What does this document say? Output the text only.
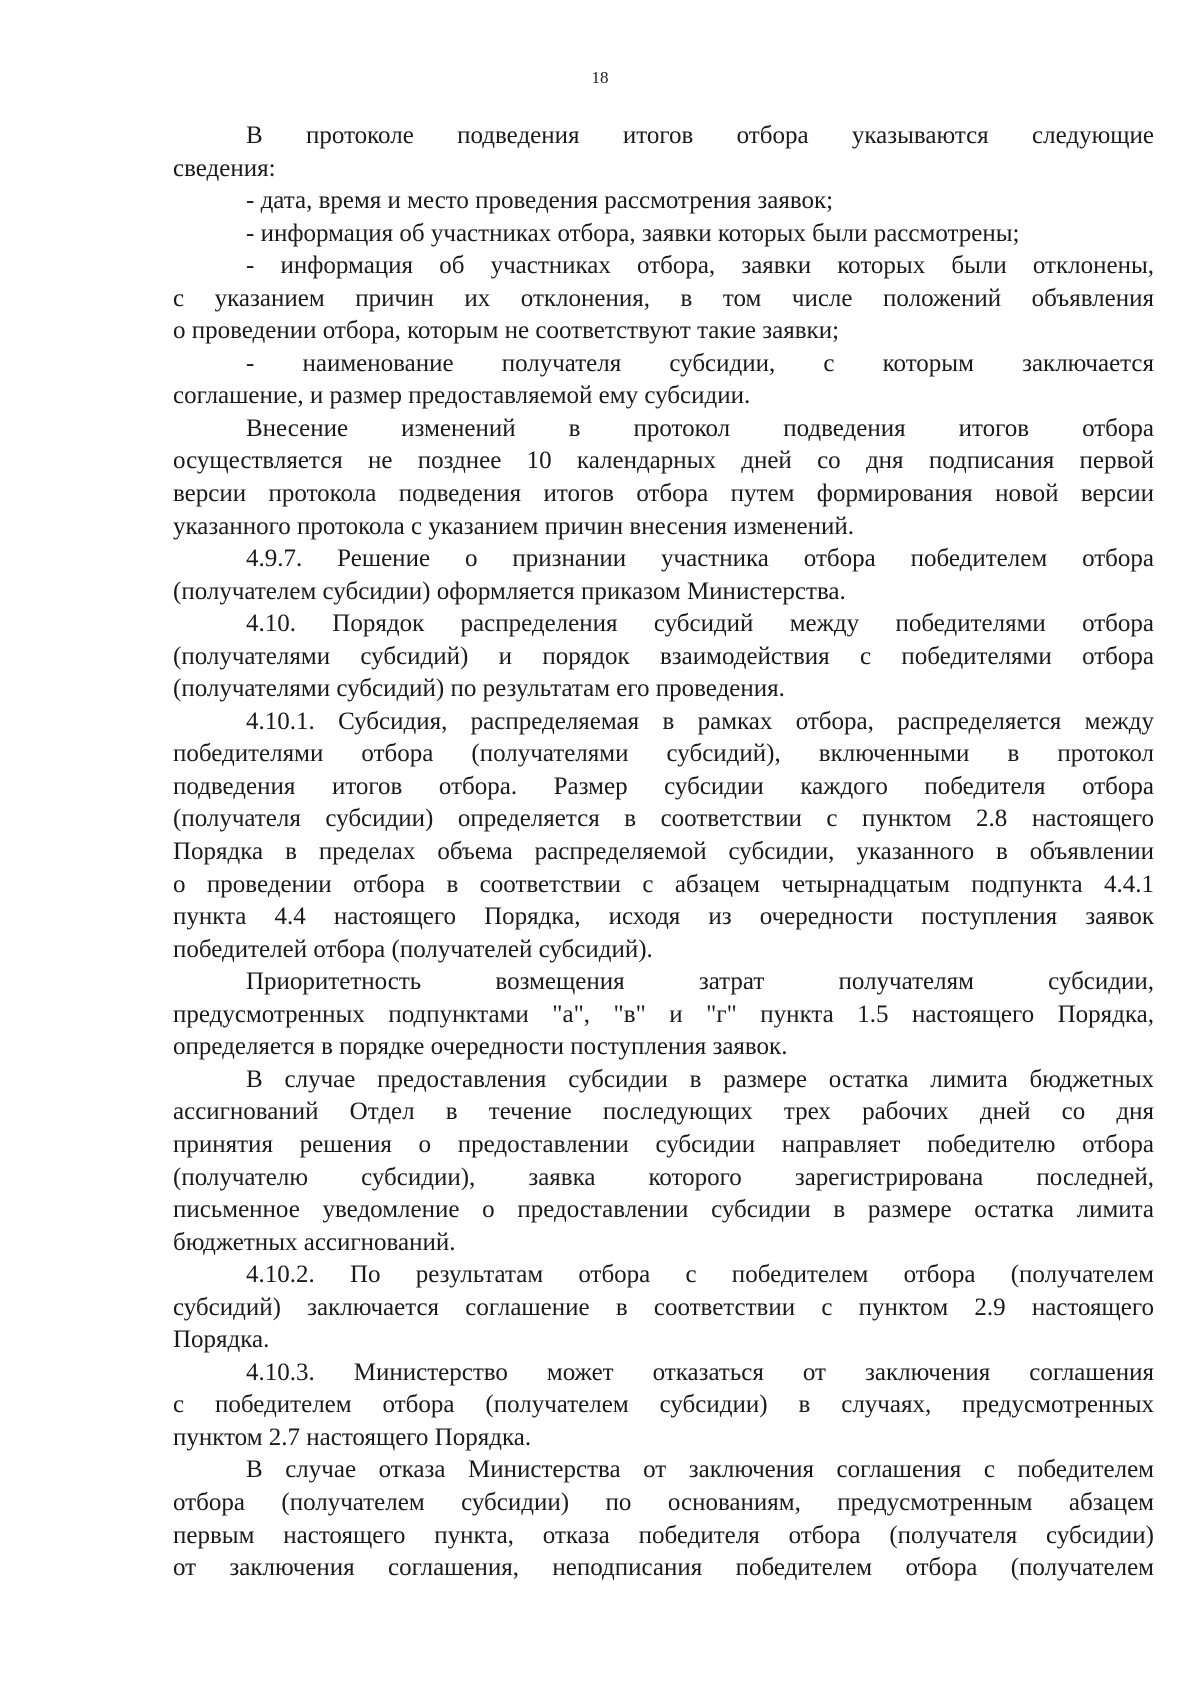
18
В протоколе подведения итогов отбора указываются следующие
сведения:
- дата, время и место проведения рассмотрения заявок;
- информация об участниках отбора, заявки которых были рассмотрены;
- информация об участниках отбора, заявки которых были отклонены,
с указанием причин их отклонения, в том числе положений объявления
о проведении отбора, которым не соответствуют такие заявки;
- наименование получателя субсидии, с которым заключается
соглашение, и размер предоставляемой ему субсидии.
Внесение изменений в протокол подведения итогов отбора
осуществляется не позднее 10 календарных дней со дня подписания первой
версии протокола подведения итогов отбора путем формирования новой версии
указанного протокола с указанием причин внесения изменений.
4.9.7. Решение о признании участника отбора победителем отбора
(получателем субсидии) оформляется приказом Министерства.
4.10. Порядок распределения субсидий между победителями отбора
(получателями субсидий) и порядок взаимодействия с победителями отбора
(получателями субсидий) по результатам его проведения.
4.10.1. Субсидия, распределяемая в рамках отбора, распределяется между
победителями отбора (получателями субсидий), включенными в протокол
подведения итогов отбора. Размер субсидии каждого победителя отбора
(получателя субсидии) определяется в соответствии с пунктом 2.8 настоящего
Порядка в пределах объема распределяемой субсидии, указанного в объявлении
о проведении отбора в соответствии с абзацем четырнадцатым подпункта 4.4.1
пункта 4.4 настоящего Порядка, исходя из очередности поступления заявок
победителей отбора (получателей субсидий).
Приоритетность возмещения затрат получателям субсидии,
предусмотренных подпунктами "а", "в" и "г" пункта 1.5 настоящего Порядка,
определяется в порядке очередности поступления заявок.
В случае предоставления субсидии в размере остатка лимита бюджетных
ассигнований Отдел в течение последующих трех рабочих дней со дня
принятия решения о предоставлении субсидии направляет победителю отбора
(получателю субсидии), заявка которого зарегистрирована последней,
письменное уведомление о предоставлении субсидии в размере остатка лимита
бюджетных ассигнований.
4.10.2. По результатам отбора с победителем отбора (получателем
субсидий) заключается соглашение в соответствии с пунктом 2.9 настоящего
Порядка.
4.10.3. Министерство может отказаться от заключения соглашения
с победителем отбора (получателем субсидии) в случаях, предусмотренных
пунктом 2.7 настоящего Порядка.
В случае отказа Министерства от заключения соглашения с победителем
отбора (получателем субсидии) по основаниям, предусмотренным абзацем
первым настоящего пункта, отказа победителя отбора (получателя субсидии)
от заключения соглашения, неподписания победителем отбора (получателем
